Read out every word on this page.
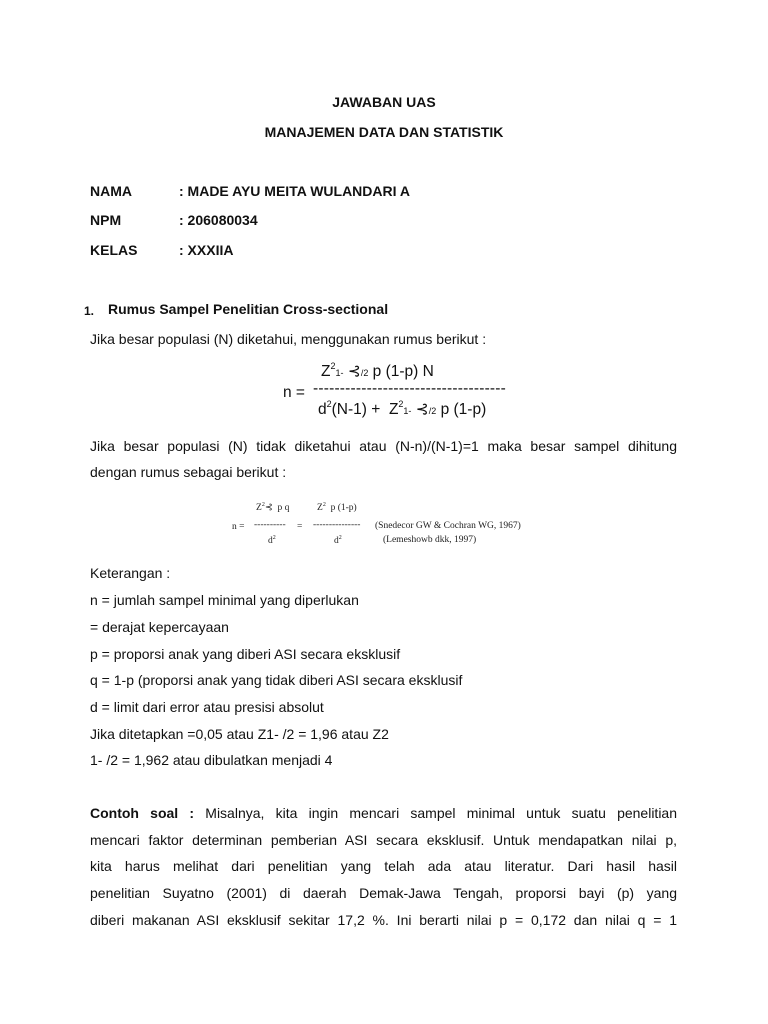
JAWABAN UAS
MANAJEMEN DATA DAN STATISTIK
NAMA	: MADE AYU MEITA WULANDARI A
NPM	: 206080034
KELAS	: XXXIIA
1. Rumus Sampel Penelitian Cross-sectional
Jika besar populasi (N) diketahui, menggunakan rumus berikut :
n =
$Z^21-$ ⊰/2 p (1-p) N
------------------------------------
$d^2(N-1) + Z^21-$ ⊰/2 p (1-p)
Jika besar populasi (N) tidak diketahui atau (N-n)/(N-1)=1 maka besar sampel dihitung
dengan rumus sebagai berikut :
$Z^2⊰$ p q	$Z^2$ p (1-p)
n = ---------- = ---------------
$d^2$	$d^2$
(Snedecor GW & Cochran WG, 1967)
(Lemeshowb dkk, 1997)
Keterangan :
n = jumlah sampel minimal yang diperlukan
= derajat kepercayaan
p = proporsi anak yang diberi ASI secara eksklusif
q = 1-p (proporsi anak yang tidak diberi ASI secara eksklusif
d = limit dari error atau presisi absolut
Jika ditetapkan =0,05 atau Z1- /2 = 1,96 atau Z2
1- /2 = 1,962 atau dibulatkan menjadi 4
Contoh soal : Misalnya, kita ingin mencari sampel minimal untuk suatu penelitian
mencari faktor determinan pemberian ASI secara eksklusif. Untuk mendapatkan nilai p,
kita harus melihat dari penelitian yang telah ada atau literatur. Dari hasil hasil
penelitian Suyatno (2001) di daerah Demak-Jawa Tengah, proporsi bayi (p) yang
diberi makanan ASI eksklusif sekitar 17,2 %. Ini berarti nilai p = 0,172 dan nilai q = 1
